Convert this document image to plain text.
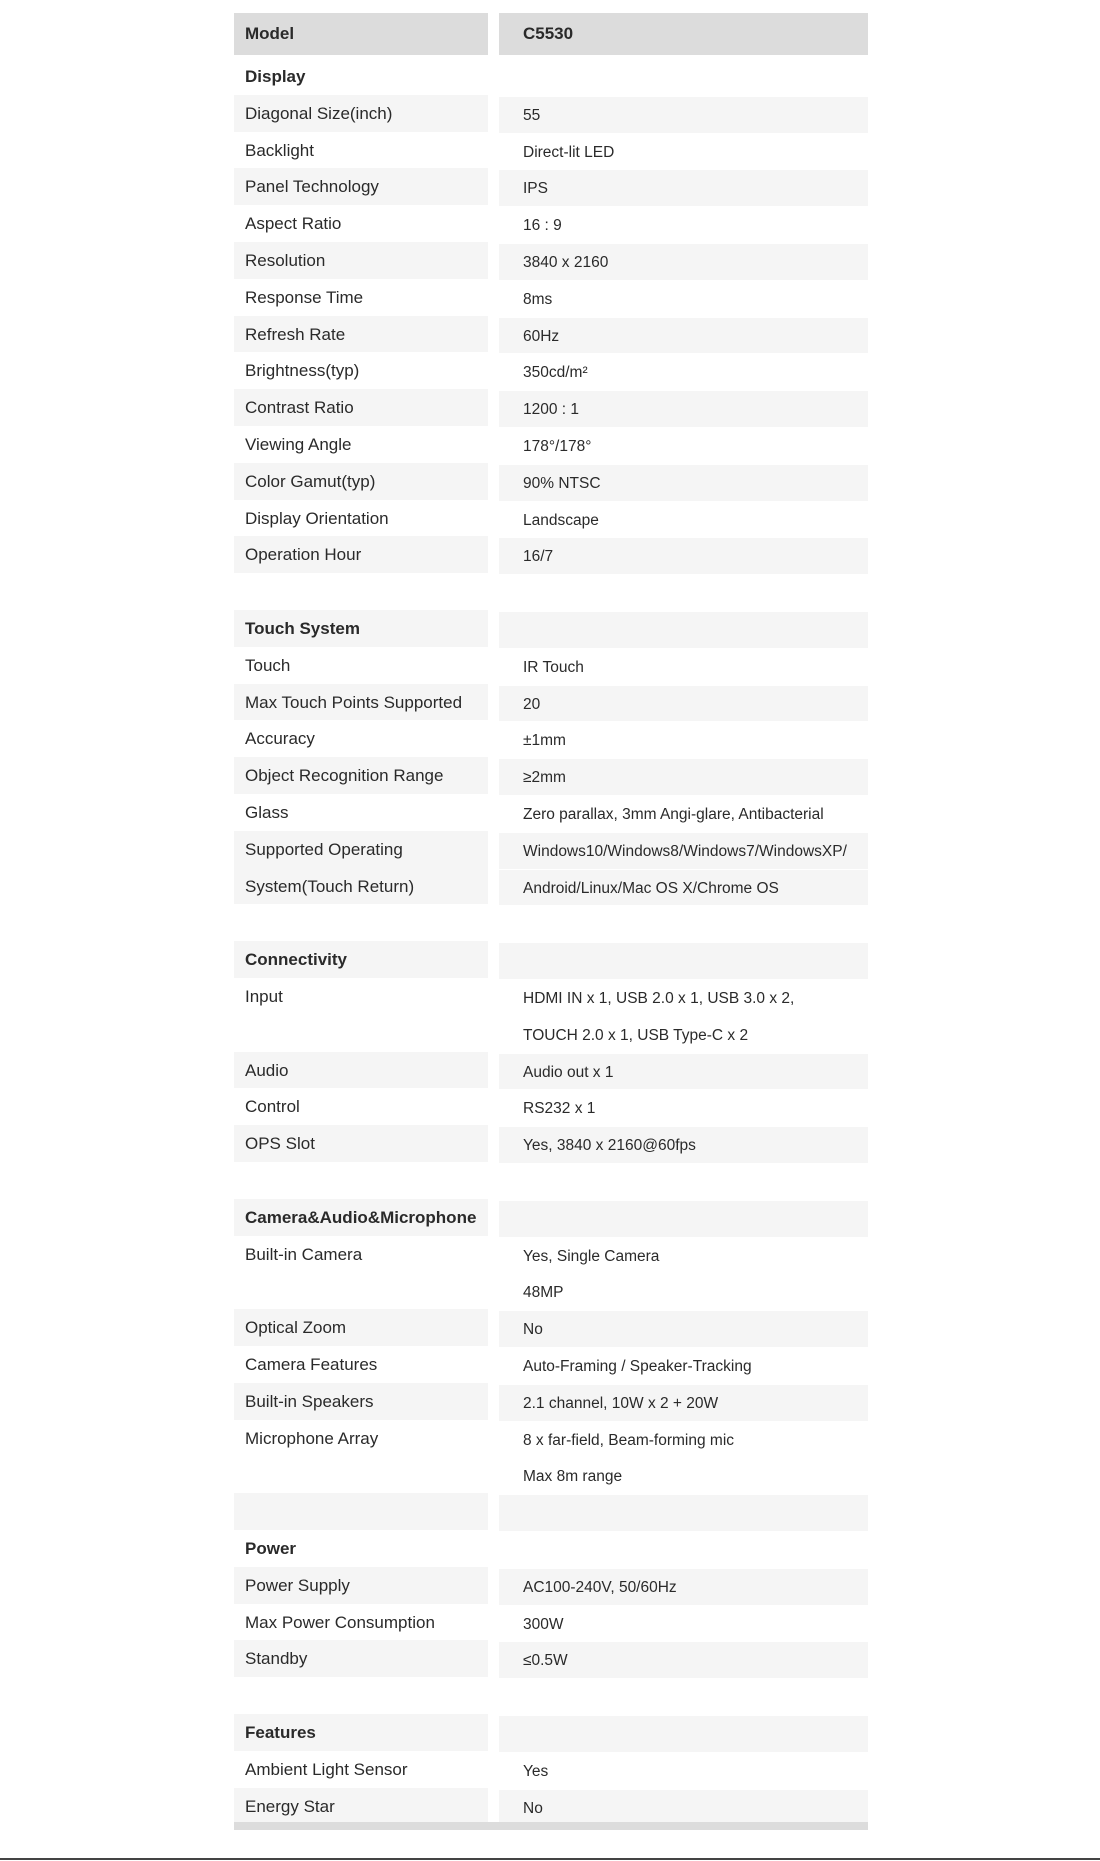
Model	C5530
Display
Diagonal Size(inch)	55
Backlight	Direct-lit LED
Panel Technology	IPS
Aspect Ratio	16 : 9
Resolution	3840 x 2160
Response Time	8ms
Refresh Rate	60Hz
Brightness(typ)	350cd/m²
Contrast Ratio	1200 : 1
Viewing Angle	178°/178°
Color Gamut(typ)	90% NTSC
Display Orientation	Landscape
Operation Hour	16/7
Touch System
Touch	IR Touch
Max Touch Points Supported	20
Accuracy	±1mm
Object Recognition Range	≥2mm
Glass	Zero parallax, 3mm Angi-glare, Antibacterial
Supported Operating	Windows10/Windows8/Windows7/WindowsXP/
System(Touch Return)	Android/Linux/Mac OS X/Chrome OS
Connectivity
Input	HDMI IN x 1, USB 2.0 x 1, USB 3.0 x 2,
TOUCH 2.0 x 1, USB Type-C x 2
Audio	Audio out x 1
Control	RS232 x 1
OPS Slot	Yes, 3840 x 2160@60fps
Camera&Audio&Microphone
Built-in Camera	Yes, Single Camera
48MP
Optical Zoom	No
Camera Features	Auto-Framing / Speaker-Tracking
Built-in Speakers	2.1 channel, 10W x 2 + 20W
Microphone Array	8 x far-field, Beam-forming mic
Max 8m range
Power
Power Supply	AC100-240V, 50/60Hz
Max Power Consumption	300W
Standby	≤0.5W
Features
Ambient Light Sensor	Yes
Energy Star	No
